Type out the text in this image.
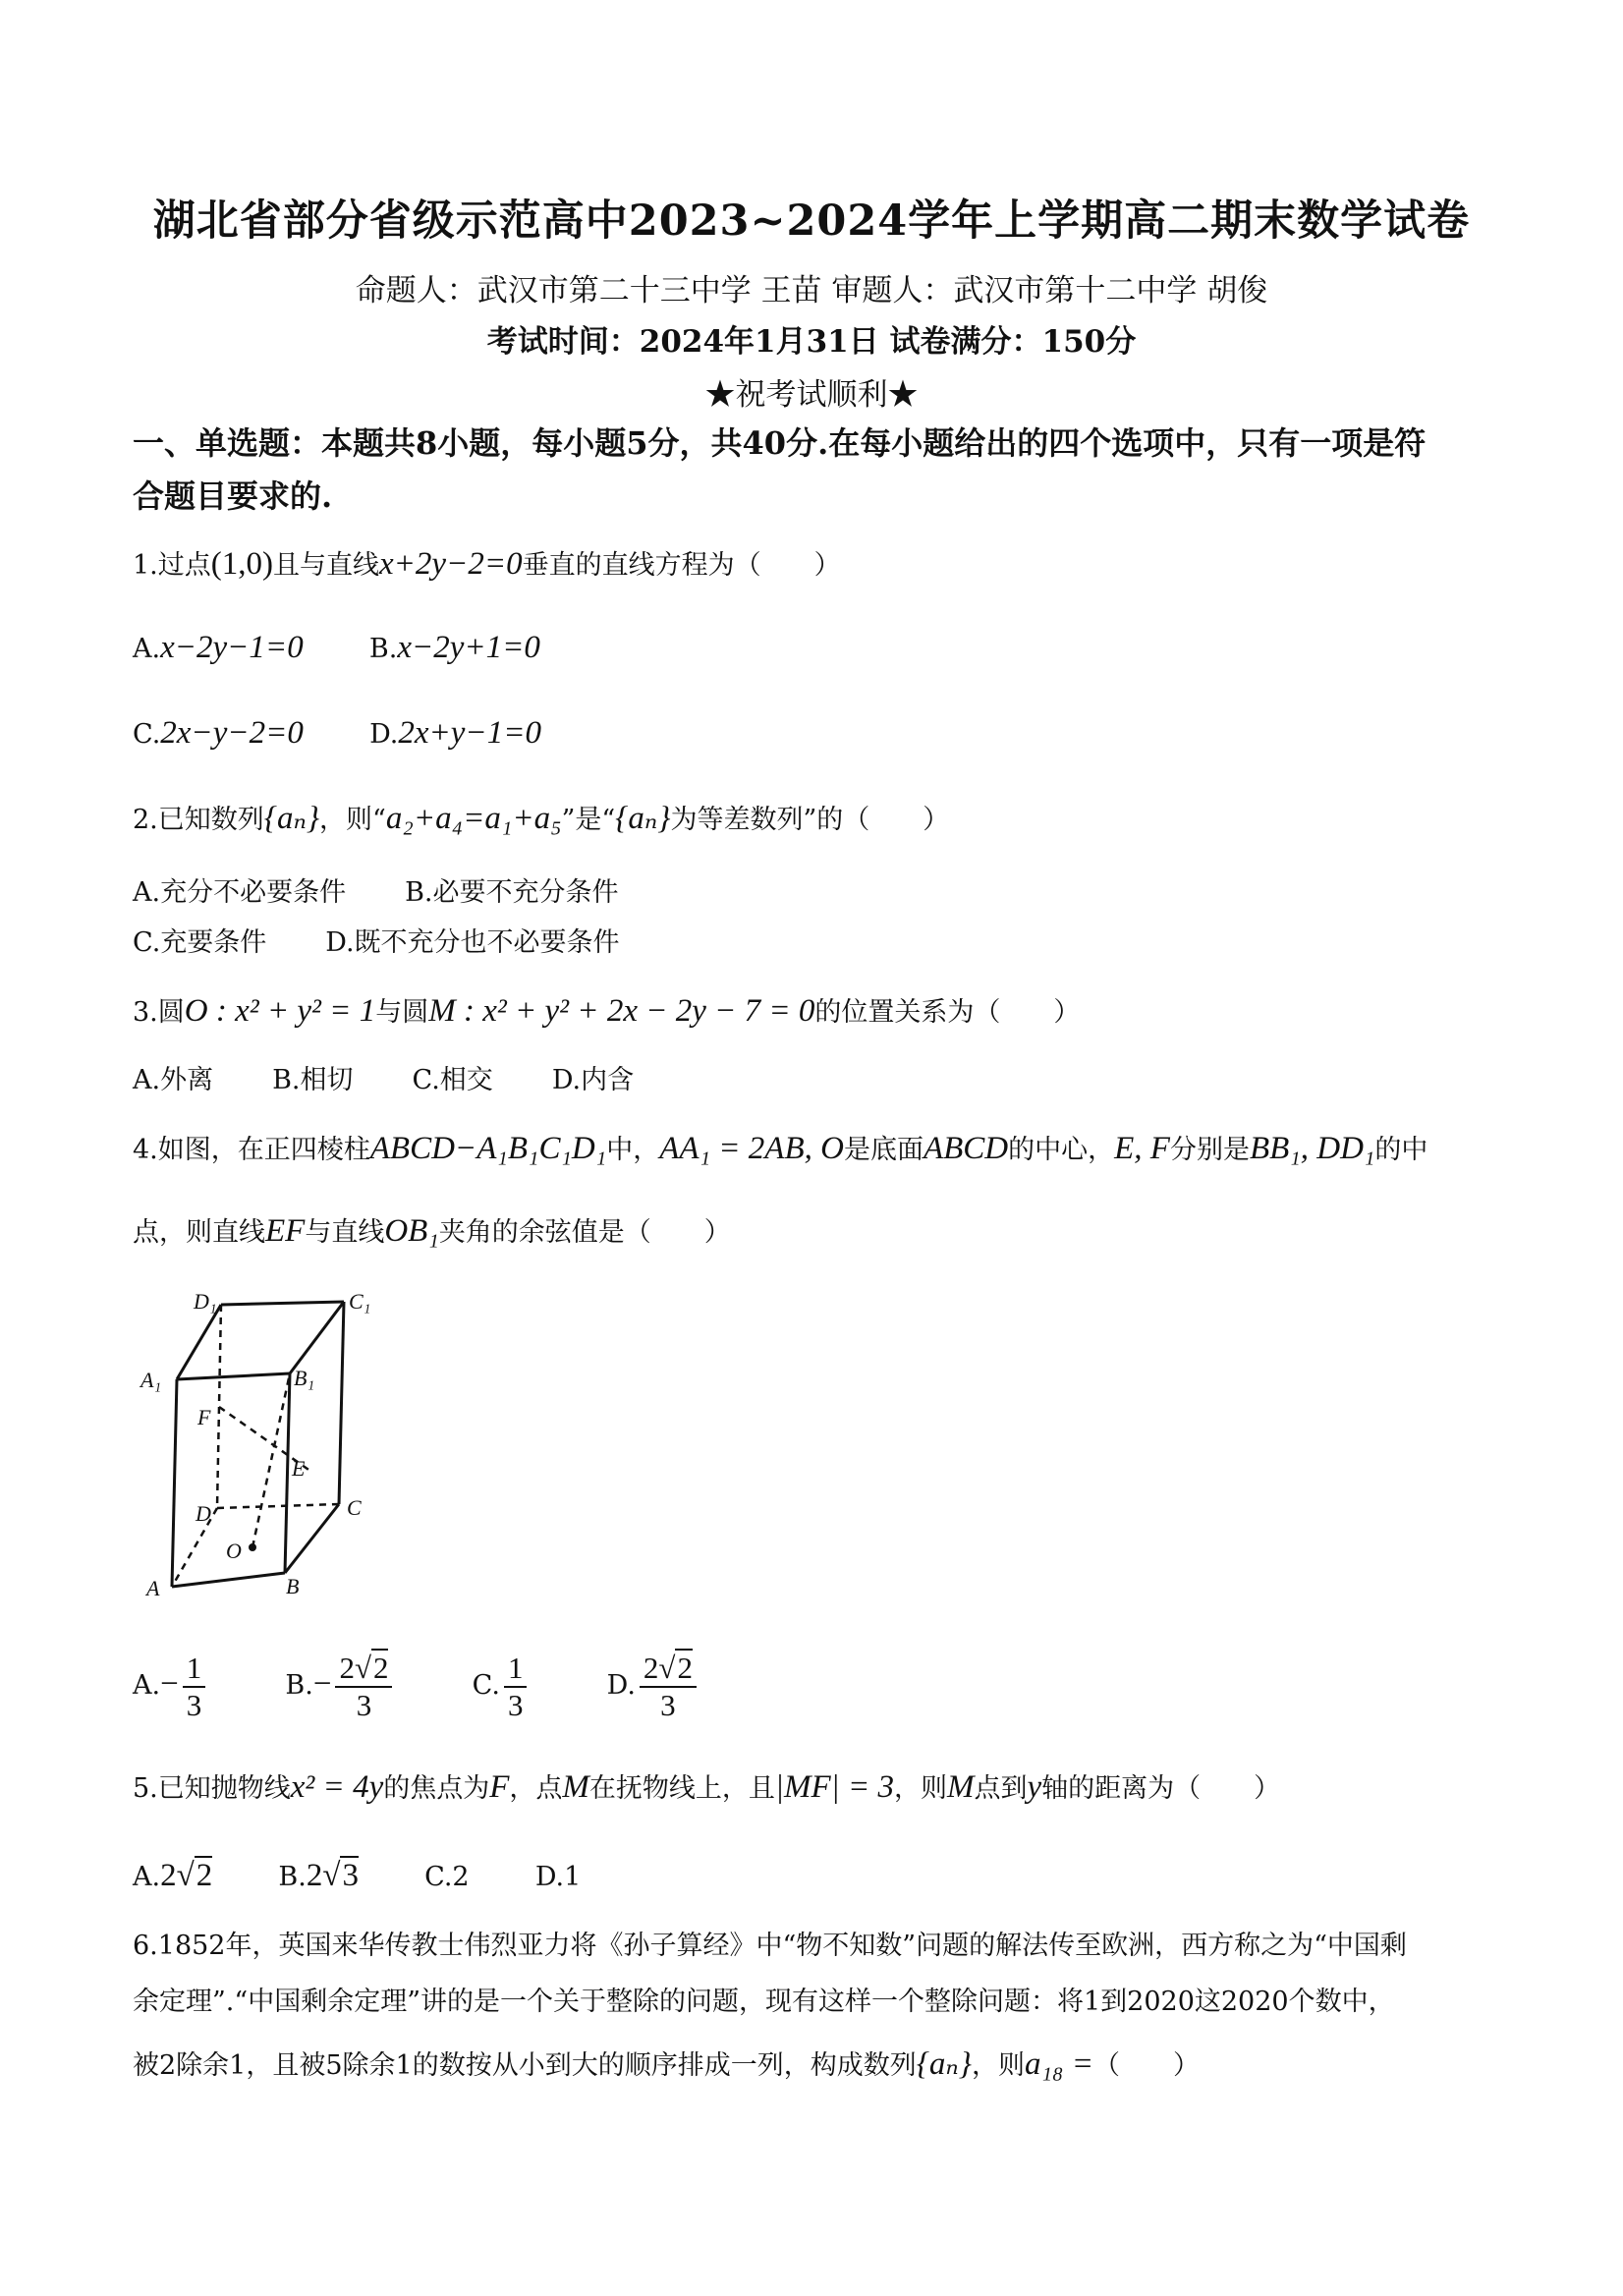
湖北省部分省级示范高中2023~2024学年上学期高二期末数学试卷
命题人：武汉市第二十三中学 王苗 审题人：武汉市第十二中学 胡俊
考试时间：2024年1月31日 试卷满分：150分
★祝考试顺利★
一、单选题：本题共8小题，每小题5分，共40分.在每小题给出的四个选项中，只有一项是符
合题目要求的.
1.过点(1,0)且与直线x+2y−2=0垂直的直线方程为（　　）
A.x−2y−1=0 B.x−2y+1=0
C.2x−y−2=0 D.2x+y−1=0
2.已知数列{aₙ}，则“a₂+a₄=a₁+a₅”是“{aₙ}为等差数列”的（　　）
A.充分不必要条件 B.必要不充分条件
C.充要条件 D.既不充分也不必要条件
3.圆O : x² + y² = 1与圆M : x² + y² + 2x − 2y − 7 = 0的位置关系为（　　）
A.外离 B.相切 C.相交 D.内含
4.如图，在正四棱柱ABCD−A₁B₁C₁D₁中，AA₁ = 2AB, O是底面ABCD的中心，E, F分别是BB₁, DD₁的中
点，则直线EF与直线OB₁夹角的余弦值是（　　）
D₁	C₁
A₁	B₁
F
E
D	C
O
A	B
$A.- \frac{1}{3}$	$B.- \frac{2√2}{3}$	C. $\frac{1}{3}$	D. $\frac{2√2}{3}$
5.已知抛物线x² = 4y的焦点为F，点M在抚物线上，且|MF| = 3，则M点到y轴的距离为（　　）
A.2√2 B.2√3 C.2 D.1
6.1852年，英国来华传教士伟烈亚力将《孙子算经》中“物不知数”问题的解法传至欧洲，西方称之为“中国剩
余定理”.“中国剩余定理”讲的是一个关于整除的问题，现有这样一个整除问题：将1到2020这2020个数中，
被2除余1，且被5除余1的数按从小到大的顺序排成一列，构成数列{aₙ}，则a₁₈ =（　　）
